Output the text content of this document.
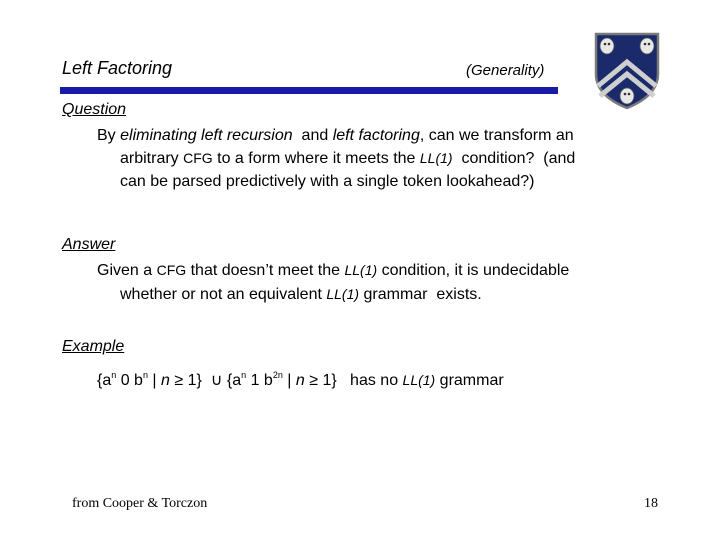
Left Factoring	(Generality)
Question
By eliminating left recursion  and left factoring, can we transform an
arbitrary CFG to a form where it meets the LL(1)  condition?  (and
can be parsed predictively with a single token lookahead?)
Answer
Given a CFG that doesn’t meet the LL(1) condition, it is undecidable
whether or not an equivalent LL(1) grammar  exists.
Example
{$a^n$ 0 $b^n$ | n ≥ 1}  ∪ {$a^n$ 1 $b^{2n}$ | n ≥ 1}   has no LL(1) grammar
from Cooper & Torczon	18
